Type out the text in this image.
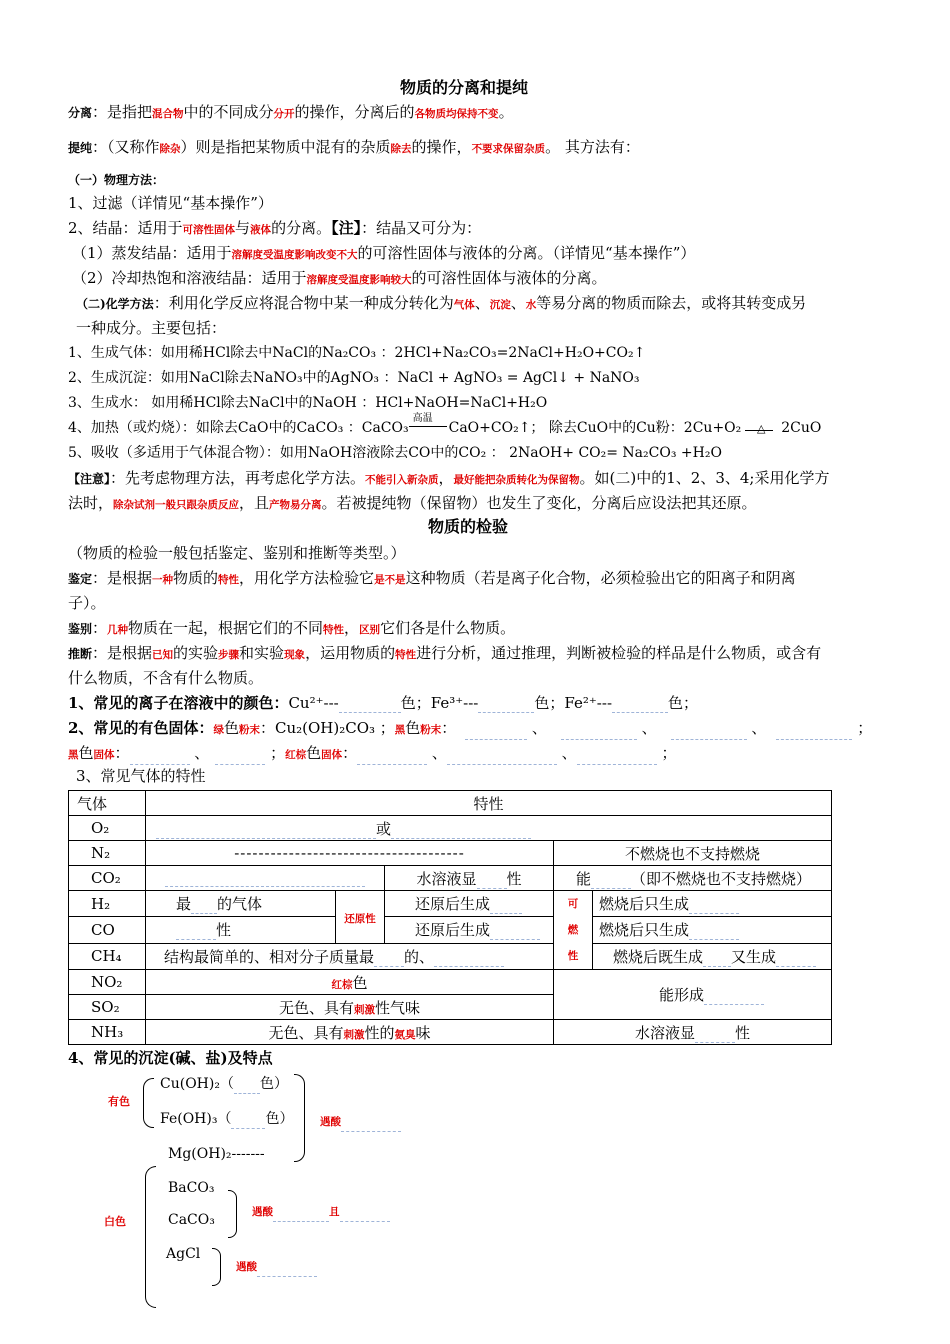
物质的分离和提纯
分离：是指把混合物中的不同成分分开的操作，分离后的各物质均保持不变。
提纯：（又称作除杂）则是指把某物质中混有的杂质除去的操作，不要求保留杂质。 其方法有：
（一）物理方法：
1、过滤（详情见“基本操作”）
2、结晶：适用于可溶性固体与液体的分离。【注】：结晶又可分为：
（1）蒸发结晶：适用于溶解度受温度影响改变不大的可溶性固体与液体的分离。（详情见“基本操作”）
（2）冷却热饱和溶液结晶：适用于溶解度受温度影响较大的可溶性固体与液体的分离。
（二)化学方法：利用化学反应将混合物中某一种成分转化为气体、沉淀、水等易分离的物质而除去，或将其转变成另
一种成分。主要包括：
1、生成气体：如用稀HCl除去中NaCl的Na₂CO₃ ：2HCl+Na₂CO₃=2NaCl+H₂O+CO₂↑
2、生成沉淀：如用NaCl除去NaNO₃中的AgNO₃ ：NaCl + AgNO₃ = AgCl↓ + NaNO₃
3、生成水： 如用稀HCl除去NaCl中的NaOH ：HCl+NaOH=NaCl+H₂O
4、加热（或灼烧）：如除去CaO中的CaCO₃ ：CaCO₃
高温
CaO+CO₂↑； 除去CuO中的Cu粉：2Cu+O₂ △ 2CuO
5、吸收（多适用于气体混合物）：如用NaOH溶液除去CO中的CO₂ ： 2NaOH+ CO₂= Na₂CO₃ +H₂O
【注意】：先考虑物理方法，再考虑化学方法。不能引入新杂质，最好能把杂质转化为保留物。如(二)中的1、2、3、4;采用化学方
法时，除杂试剂一般只跟杂质反应，且产物易分离。若被提纯物（保留物）也发生了变化，分离后应设法把其还原。
物质的检验
（物质的检验一般包括鉴定、鉴别和推断等类型。）
鉴定：是根据一种物质的特性，用化学方法检验它是不是这种物质（若是离子化合物，必须检验出它的阳离子和阴离
子）。
鉴别：几种物质在一起，根据它们的不同特性，区别它们各是什么物质。
推断：是根据已知的实验步骤和实验现象，运用物质的特性进行分析，通过推理，判断被检验的样品是什么物质，或含有
什么物质，不含有什么物质。
1、常见的离子在溶液中的颜色：Cu²⁺---	色；Fe³⁺---	色；Fe²⁺---	色；
2、常见的有色固体：绿色粉末：Cu₂(OH)₂CO₃ ；黑色粉末：	、	、	、	；
黑色固体：	、	；红棕色固体：	、	、	；
3、常见气体的特性
气体	特性				
O₂	或				
N₂	--------------------------------------			不燃烧也不支持燃烧	
CO₂			水溶液显 性	能 （即不燃烧也不支持燃烧）	
H₂	最 的气体	还原性	还原后生成	可燃性	燃烧后只生成
CO	性		还原后生成		燃烧后只生成
CH₄	结构最简单的、相对分子质量最 的、				燃烧后既生成 又生成
NO₂	红棕色			能形成	
SO₂	无色、具有刺激性气味				
NH₃	无色、具有刺激性的氨臭味			水溶液显 性	
4、常见的沉淀(碱、盐)及特点
有色
Cu(OH)₂（ 色）
Fe(OH)₃（ 色）	遇酸
Mg(OH)₂-------
白色
BaCO₃
CaCO₃	遇酸	且
AgCl
遇酸
